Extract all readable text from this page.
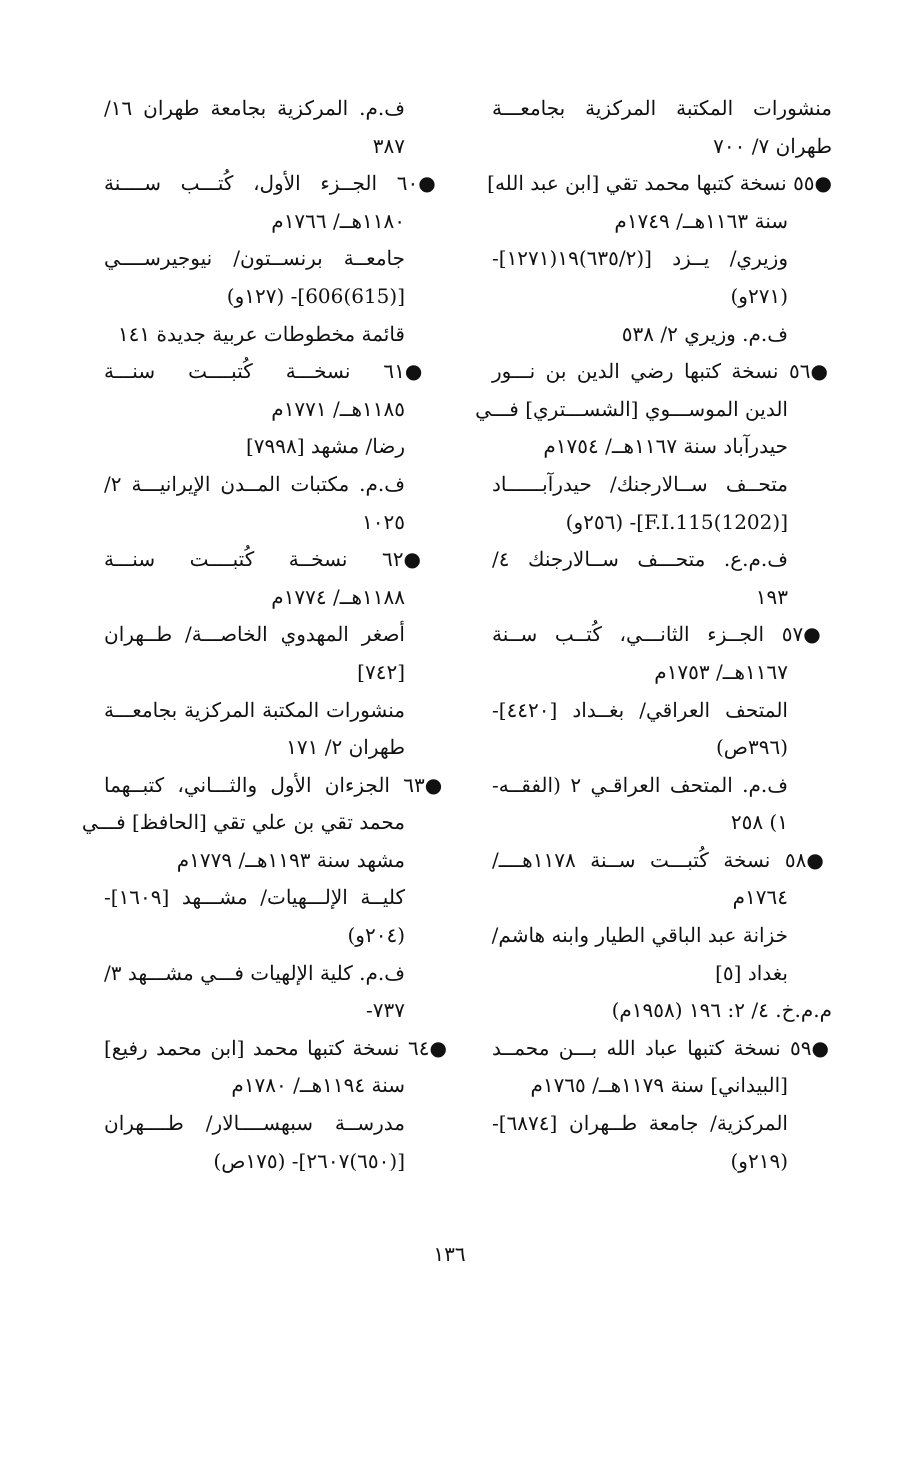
منشورات المكتبة المركزية بجامعـــة
طهران ٧/ ٧٠٠
●٥٥ نسخة كتبها محمد تقي [ابن عبد الله]
سنة ١١٦٣هــ/ ١٧٤٩م
وزيري/ يــزد [(٦٣٥/٢)١٩(١٢٧١]-
(٢٧١و)
ف.م. وزيري ٢/ ٥٣٨
●٥٦ نسخة كتبها رضي الدين بن نـــور
الدين الموســـوي [الشســـتري] فـــي
حيدرآباد سنة ١١٦٧هــ/ ١٧٥٤م
متحــف ســالارجنك/ حيدرآبــــــاد
[(1202)F.I.115]- (٢٥٦و)
ف.م.ع. متحـــف ســالارجنك ٤/
١٩٣
●٥٧ الجــزء الثانـــي، كُتــب ســنة
١١٦٧هــ/ ١٧٥٣م
المتحف العراقي/ بغــداد [٤٤٢٠]-
(٣٩٦ص)
ف.م. المتحف العراقـي ٢ (الفقــه-
١) ٢٥٨
●٥٨ نسخة كُتبـــت ســنة ١١٧٨هــــ/
١٧٦٤م
خزانة عبد الباقي الطيار وابنه هاشم/
بغداد [٥]
م.م.خ. ٤/ ٢: ١٩٦ (١٩٥٨م)
●٥٩ نسخة كتبها عباد الله بـــن محمــد
[البيداني] سنة ١١٧٩هــ/ ١٧٦٥م
المركزية/ جامعة طــهران [٦٨٧٤]-
(٢١٩و)
ف.م. المركزية بجامعة طهران ١٦/
٣٨٧
●٦٠ الجــزء الأول، كُتـــب ســــنة
١١٨٠هــ/ ١٧٦٦م
جامعــة برنســتون/ نيوجيرســــي
[(615)606]- (١٢٧و)
قائمة مخطوطات عربية جديدة ١٤١
●٦١ نسخـــة كُتبــــت سنـــة
١١٨٥هــ/ ١٧٧١م
رضا/ مشهد [٧٩٩٨]
ف.م. مكتبات المــدن الإيرانيـــة ٢/
١٠٢٥
●٦٢ نسخــة كُتبــــت سنـــة
١١٨٨هــ/ ١٧٧٤م
أصغر المهدوي الخاصـــة/ طــهران
[٧٤٢]
منشورات المكتبة المركزية بجامعـــة
طهران ٢/ ١٧١
●٦٣ الجزءان الأول والثـــاني، كتبــهما
محمد تقي بن علي تقي [الحافظ] فـــي
مشهد سنة ١١٩٣هــ/ ١٧٧٩م
كليــة الإلـــهيات/ مشـــهد [١٦٠٩]-
(٢٠٤و)
ف.م. كلية الإلهيات فـــي مشـــهد ٣/
٧٣٧-
●٦٤ نسخة كتبها محمد [ابن محمد رفيع]
سنة ١١٩٤هــ/ ١٧٨٠م
مدرســة سبهســــالار/ طــــهران
[(٦٥٠)٢٦٠٧]- (١٧٥ص)
١٣٦
